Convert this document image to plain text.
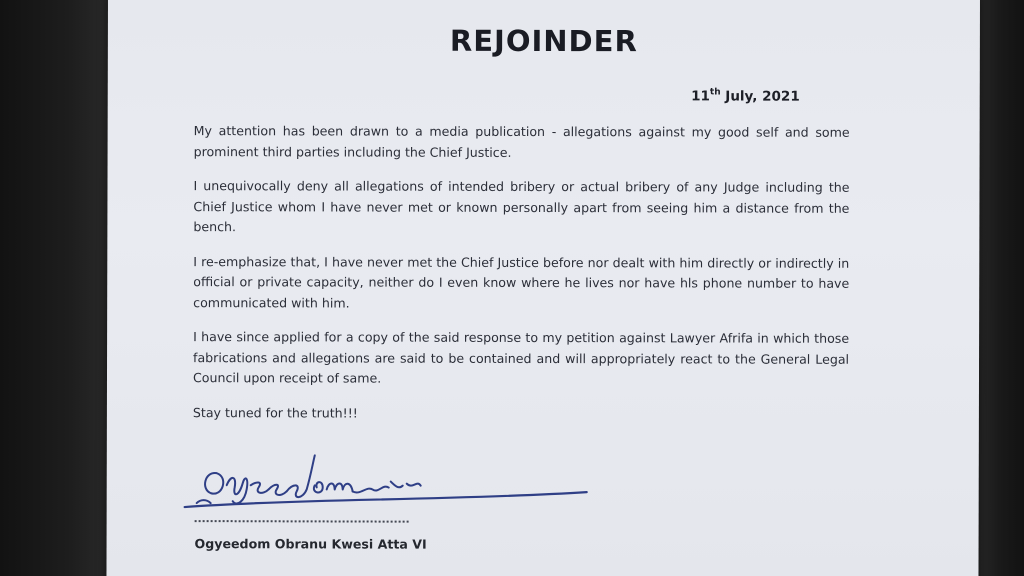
REJOINDER
11th July, 2021

My attention has been drawn to a media publication - allegations against my good self and some prominent third parties including the Chief Justice.

I unequivocally deny all allegations of intended bribery or actual bribery of any Judge including the Chief Justice whom I have never met or known personally apart from seeing him a distance from the bench.

I re-emphasize that, I have never met the Chief Justice before nor dealt with him directly or indirectly in official or private capacity, neither do I even know where he lives nor have hls phone number to have communicated with him.

I have since applied for a copy of the said response to my petition against Lawyer Afrifa in which those fabrications and allegations are said to be contained and will appropriately react to the General Legal Council upon receipt of same.

Stay tuned for the truth!!!

Ogyeedom Obranu Kwesi Atta VI
